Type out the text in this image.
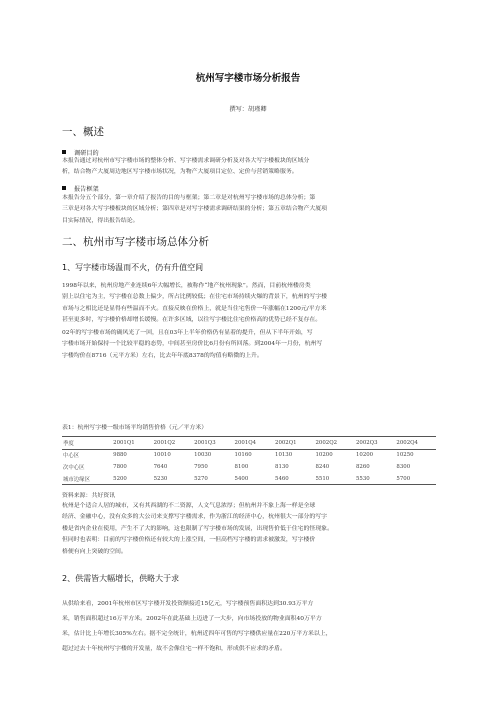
杭州写字楼市场分析报告
撰写：胡瑾卿
一、概述
调研目的
本报告通过对杭州市写字楼市场的整体分析、写字楼需求调研分析及对各大写字楼板块的区域分
析，结合物产大厦周边地区写字楼市场状况，为物产大厦项目定位、定价与营销策略服务。
报告框架
本报告分五个部分，第一章介绍了报告的目的与框架；第二章是对杭州写字楼市场的总体分析；第
三章是对各大写字楼板块的区域分析；第四章是对写字楼需求调研结果的分析；第五章结合物产大厦项
目实际情况，得出报告结论。
二、杭州市写字楼市场总体分析
1、写字楼市场温而不火，仍有升值空间
1998年以来，杭州房地产业连续6年大幅增长，被称作“地产杭州现象”。然而，目前杭州楼房类
别上以住宅为主，写字楼在总数上偏少，所占比例较低；在住宅市场持续火爆的背景下，杭州的写字楼
市场与之相比还是显得有些温而不火。直接反映在价格上，就是当住宅售价一年涨幅在1200元/平方米
甚至更多时，写字楼价格却增长缓慢。在许多区域，以往写字楼比住宅价格高的优势已经不复存在。
02年的写字楼市场的确风光了一回，且在03年上半年价格仍有显着的提升，但从下半年开始，写
字楼市场开始保持一个比较平稳的态势，中间甚至房价比6月份有所回落。到2004年一月份，杭州写
字楼均价在8716（元平方米）左右，比去年年底8378的均值有略微的上升。
表1：杭州写字楼一级市场平均销售价格（元／平方米）
季度	2001Q1	2001Q2	2001Q3	2001Q4	2002Q1	2002Q2	2002Q3	2002Q4
中心区	9880	10010	10030	10160	10130	10200	10200	10250
次中心区	7800	7640	7950	8100	8130	8240	8260	8300
城市边缘区	5200	5230	5270	5400	5460	5510	5530	5700
资料来源：共好资讯
杭州是个适合人居的城市，又有其西湖的不二资源，人文气息浓厚；但杭州并不象上海一样是全球
经济、金融中心，没有众多的大公司来支撑写字楼需求，作为浙江的经济中心，杭州很大一部分的写字
楼是省内企业在使用，产生不了大的影响，这也限制了写字楼市场的发展，出现售价低于住宅的怪现象。
但同时也表明：目前的写字楼价格还有较大的上涨空间，一但高档写字楼的需求被激发，写字楼价
格便有向上突破的空间。
2、供需皆大幅增长，供略大于求
从供给来看，2001年杭州市区写字楼开发投资额接近15亿元，写字楼预售面积达到30.93万平方
米，销售面积超过16万平方米。2002年在此基础上迈进了一大步，向市场投放的物业面积40万平方
米，估计比上年增长305%左右。据不完全统计，杭州近四年可售的写字楼供应量在220万平方米以上，
超过过去十年杭州写字楼的开发量，故不会像住宅一样不饱和，形成供不应求的矛盾。
